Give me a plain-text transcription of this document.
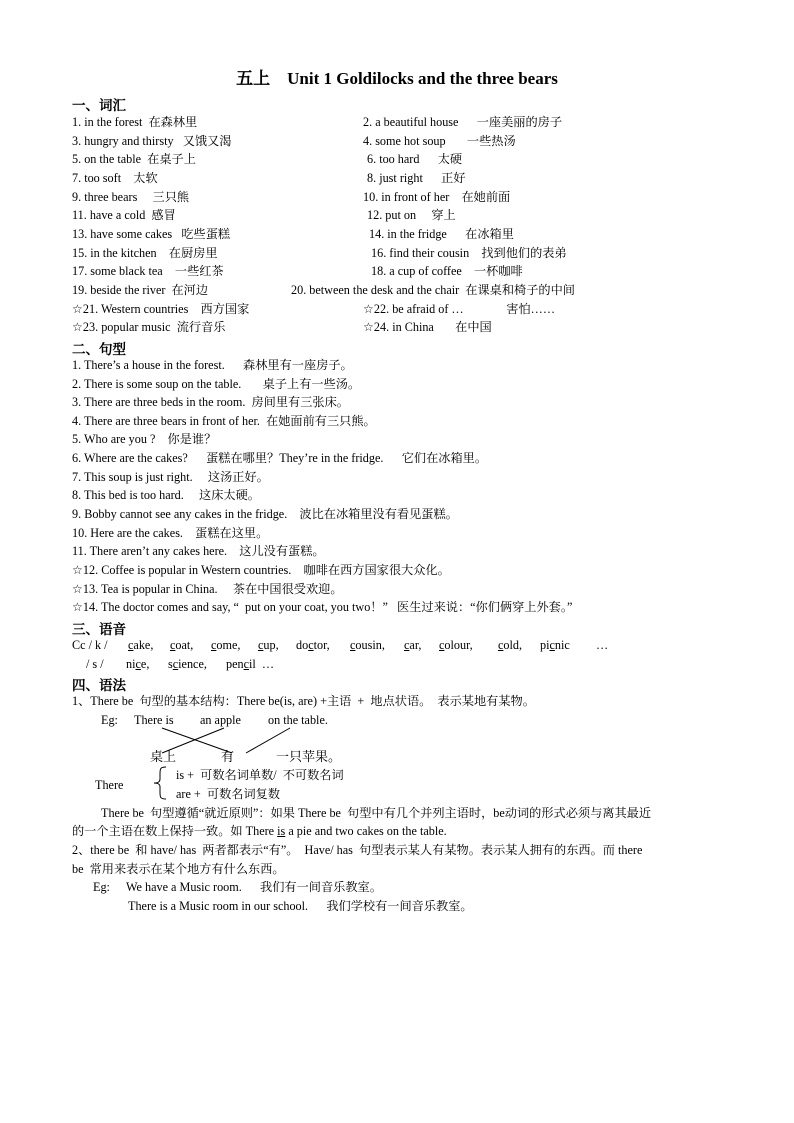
五上　Unit 1 Goldilocks and the three bears
一、词汇
1. in the forest  在森林里
3. hungry and thirsty   又饿又渴
5. on the table  在桌子上
7. too soft    太软
9. three bears     三只熊
11. have a cold  感冒
13. have some cakes   吃些蛋糕
15. in the kitchen    在厨房里
17. some black tea    一些红茶
19. beside the river  在河边
☆21. Western countries    西方国家
☆23. popular music  流行音乐
2. a beautiful house      一座美丽的房子
4. some hot soup       一些热汤
6. too hard      太硬
8. just right      正好
10. in front of her    在她前面
12. put on     穿上
14. in the fridge      在冰箱里
16. find their cousin    找到他们的表弟
18. a cup of coffee    一杯咖啡
20. between the desk and the chair  在课桌和椅子的中间
☆22. be afraid of …              害怕……
☆24. in China       在中国
二、句型
1. There’s a house in the forest.      森林里有一座房子。
2. There is some soup on the table.       桌子上有一些汤。
3. There are three beds in the room.  房间里有三张床。
4. There are three bears in front of her.  在她面前有三只熊。
5. Who are you ?    你是谁？
6. Where are the cakes?      蛋糕在哪里？They’re in the fridge.      它们在冰箱里。
7. This soup is just right.     这汤正好。
8. This bed is too hard.     这床太硬。
9. Bobby cannot see any cakes in the fridge.    波比在冰箱里没有看见蛋糕。
10. Here are the cakes.    蛋糕在这里。
11. There aren’t any cakes here.    这儿没有蛋糕。
☆12. Coffee is popular in Western countries.    咖啡在西方国家很大众化。
☆13. Tea is popular in China.     茶在中国很受欢迎。
☆14. The doctor comes and say, “  put on your coat, you two！”   医生过来说：“你们俩穿上外套。”
三、语音
Cc / k / cake, coat, come, cup, doctor, cousin, car, colour, cold, picnic …
/ s / nice, science, pencil  …
四、语法
1、There be  句型的基本结构：There be(is, are) +主语  +  地点状语。  表示某地有某物。
Eg: There is an apple on the table.
桌上	有	一只苹果。
There
is +  可数名词单数/  不可数名词
are +  可数名词复数
There be  句型遵循“就近原则”：如果 There be  句型中有几个并列主语时，be动词的形式必须与离其最近
的一个主语在数上保持一致。如 There is a pie and two cakes on the table.
2、there be  和 have/ has  两者都表示“有”。  Have/ has  句型表示某人有某物。表示某人拥有的东西。而 there
be  常用来表示在某个地方有什么东西。
Eg: We have a Music room.      我们有一间音乐教室。
There is a Music room in our school.      我们学校有一间音乐教室。
